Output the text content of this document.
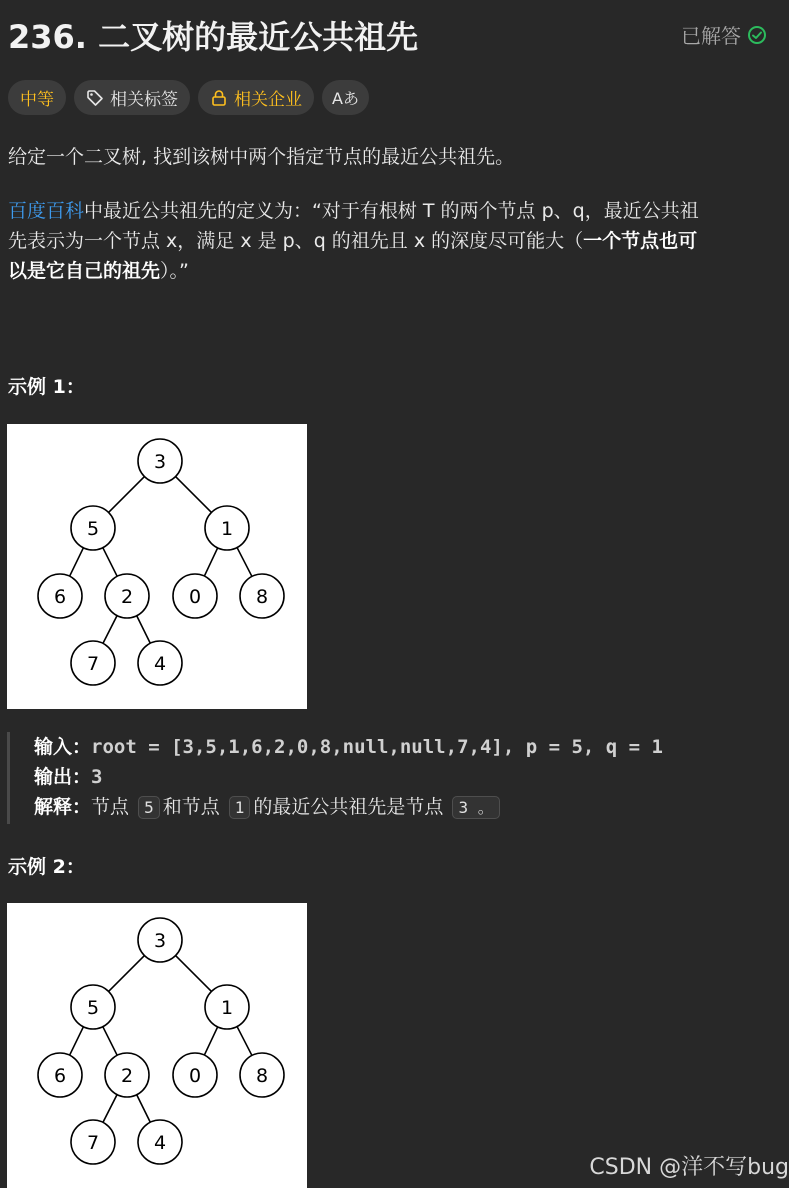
236. 二叉树的最近公共祖先	已解答
中等	相关标签	相关企业 Aあ
给定一个二叉树, 找到该树中两个指定节点的最近公共祖先。
百度百科中最近公共祖先的定义为：“对于有根树 T 的两个节点 p、q，最近公共祖
先表示为一个节点 x，满足 x 是 p、q 的祖先且 x 的深度尽可能大（一个节点也可
以是它自己的祖先）。”
示例 1：
3
5	1
6	2	0	8
7	4
输入：root = [3,5,1,6,2,0,8,null,null,7,4], p = 5, q = 1
输出：3
解释：节点 5 和节点 1 的最近公共祖先是节点 3 。
示例 2：
3
5	1
6	2	0	8
7	4
CSDN @洋不写bug
